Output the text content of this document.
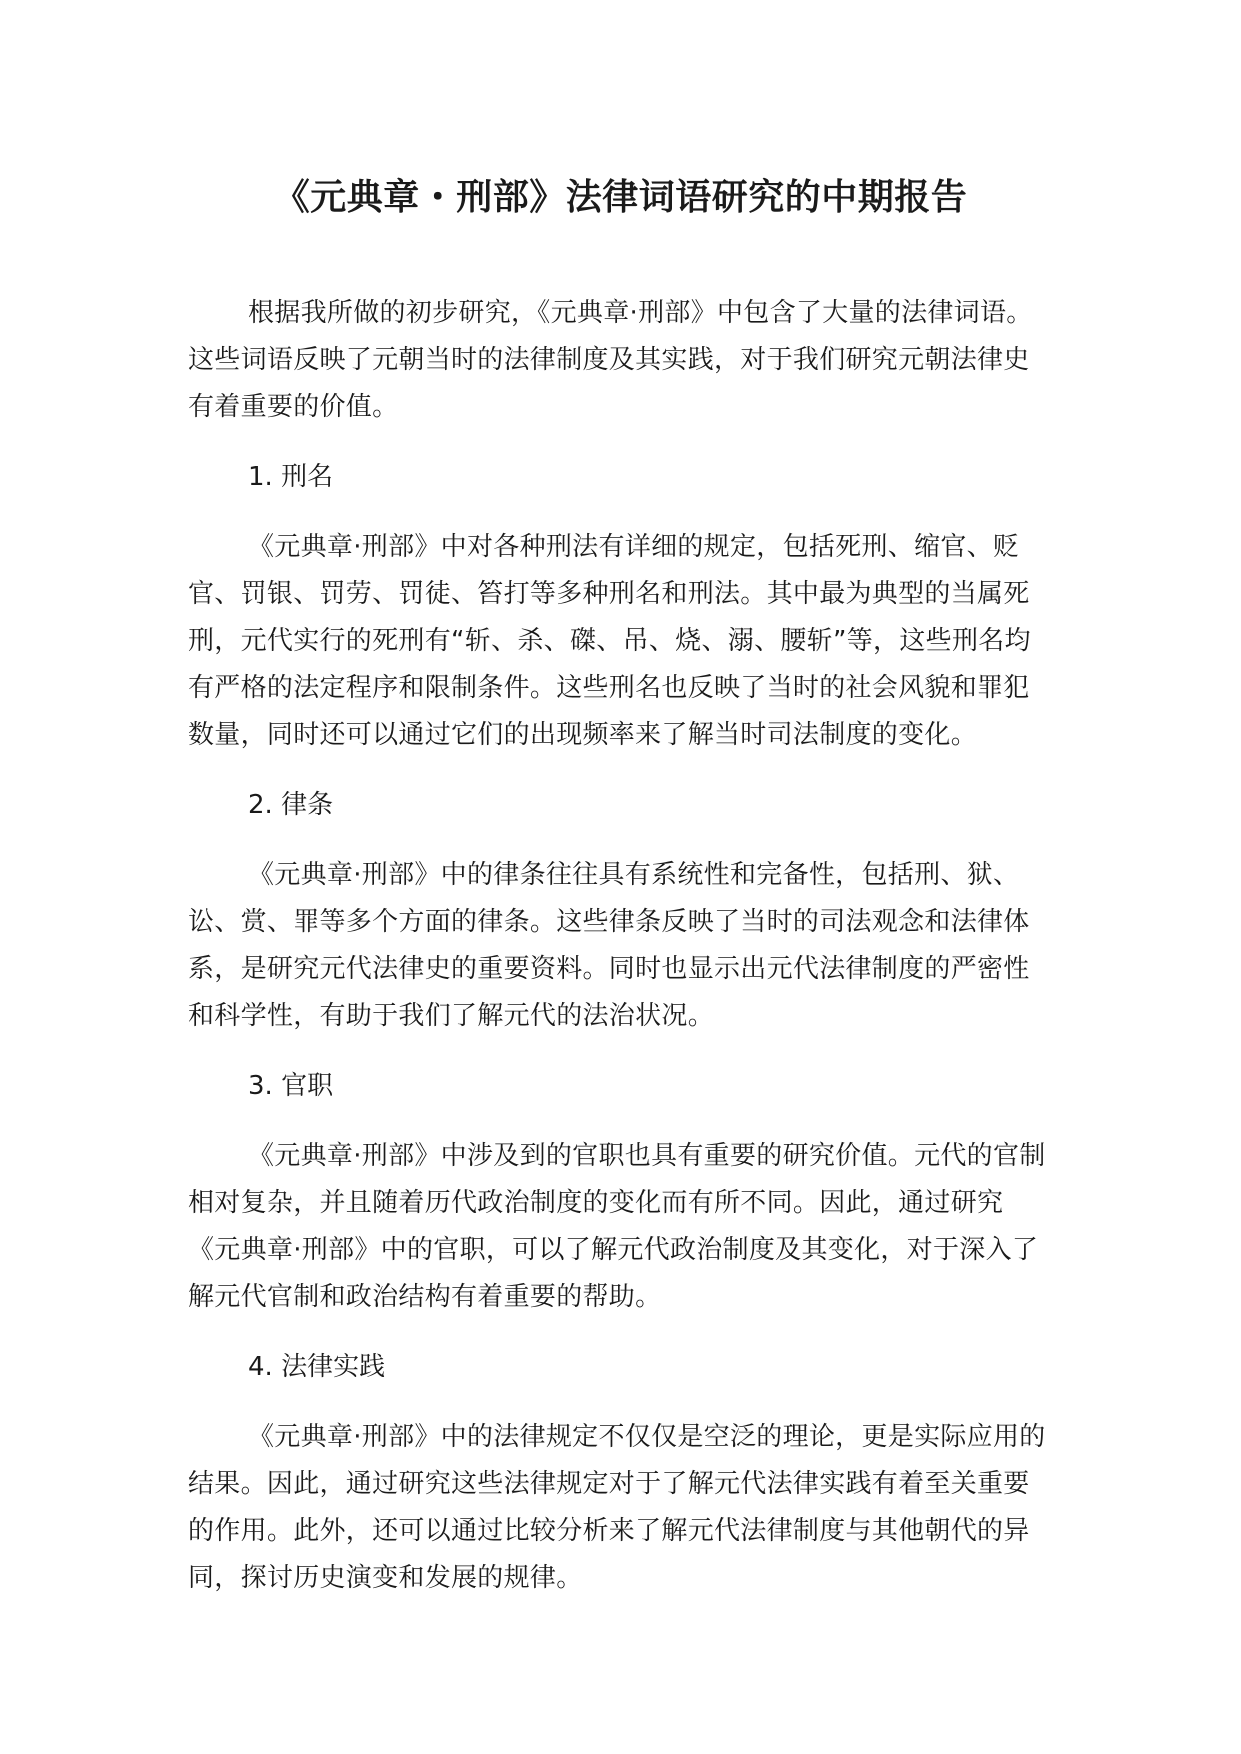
《元典章・刑部》法律词语研究的中期报告

根据我所做的初步研究，《元典章·刑部》中包含了大量的法律词语。这些词语反映了元朝当时的法律制度及其实践，对于我们研究元朝法律史有着重要的价值。

1. 刑名

《元典章·刑部》中对各种刑法有详细的规定，包括死刑、缩官、贬官、罚银、罚劳、罚徒、笞打等多种刑名和刑法。其中最为典型的当属死刑，元代实行的死刑有“斩、杀、磔、吊、烧、溺、腰斩”等，这些刑名均有严格的法定程序和限制条件。这些刑名也反映了当时的社会风貌和罪犯数量，同时还可以通过它们的出现频率来了解当时司法制度的变化。

2. 律条

《元典章·刑部》中的律条往往具有系统性和完备性，包括刑、狱、讼、赏、罪等多个方面的律条。这些律条反映了当时的司法观念和法律体系，是研究元代法律史的重要资料。同时也显示出元代法律制度的严密性和科学性，有助于我们了解元代的法治状况。

3. 官职

《元典章·刑部》中涉及到的官职也具有重要的研究价值。元代的官制相对复杂，并且随着历代政治制度的变化而有所不同。因此，通过研究《元典章·刑部》中的官职，可以了解元代政治制度及其变化，对于深入了解元代官制和政治结构有着重要的帮助。

4. 法律实践

《元典章·刑部》中的法律规定不仅仅是空泛的理论，更是实际应用的结果。因此，通过研究这些法律规定对于了解元代法律实践有着至关重要的作用。此外，还可以通过比较分析来了解元代法律制度与其他朝代的异同，探讨历史演变和发展的规律。
